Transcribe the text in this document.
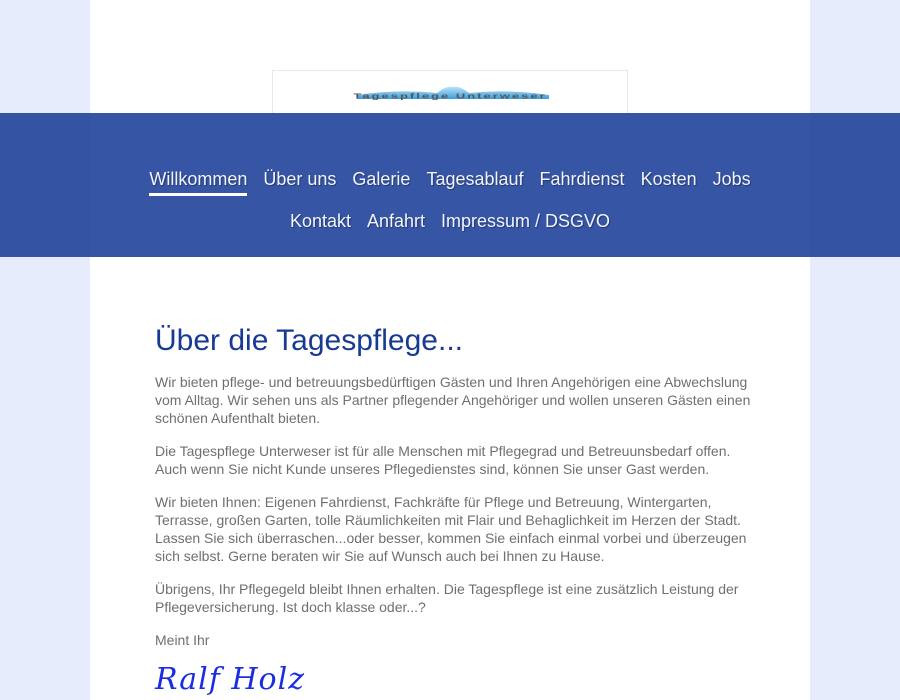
Tagespflege Unterweser
Willkommen Über uns Galerie Tagesablauf Fahrdienst Kosten Jobs
Kontakt Anfahrt Impressum / DSGVO
Über die Tagespflege...

Wir bieten pflege- und betreuungsbedürftigen Gästen und Ihren Angehörigen eine Abwechslung vom Alltag. Wir sehen uns als Partner pflegender Angehöriger und wollen unseren Gästen einen schönen Aufenthalt bieten.

Die Tagespflege Unterweser ist für alle Menschen mit Pflegegrad und Betreuunsbedarf offen. Auch wenn Sie nicht Kunde unseres Pflegedienstes sind, können Sie unser Gast werden.

Wir bieten Ihnen: Eigenen Fahrdienst, Fachkräfte für Pflege und Betreuung, Wintergarten, Terrasse, großen Garten, tolle Räumlichkeiten mit Flair und Behaglichkeit im Herzen der Stadt. Lassen Sie sich überraschen...oder besser, kommen Sie einfach einmal vorbei und überzeugen sich selbst. Gerne beraten wir Sie auf Wunsch auch bei Ihnen zu Hause.

Übrigens, Ihr Pflegegeld bleibt Ihnen erhalten. Die Tagespflege ist eine zusätzlich Leistung der Pflegeversicherung. Ist doch klasse oder...?

Meint Ihr

Ralf Holz
